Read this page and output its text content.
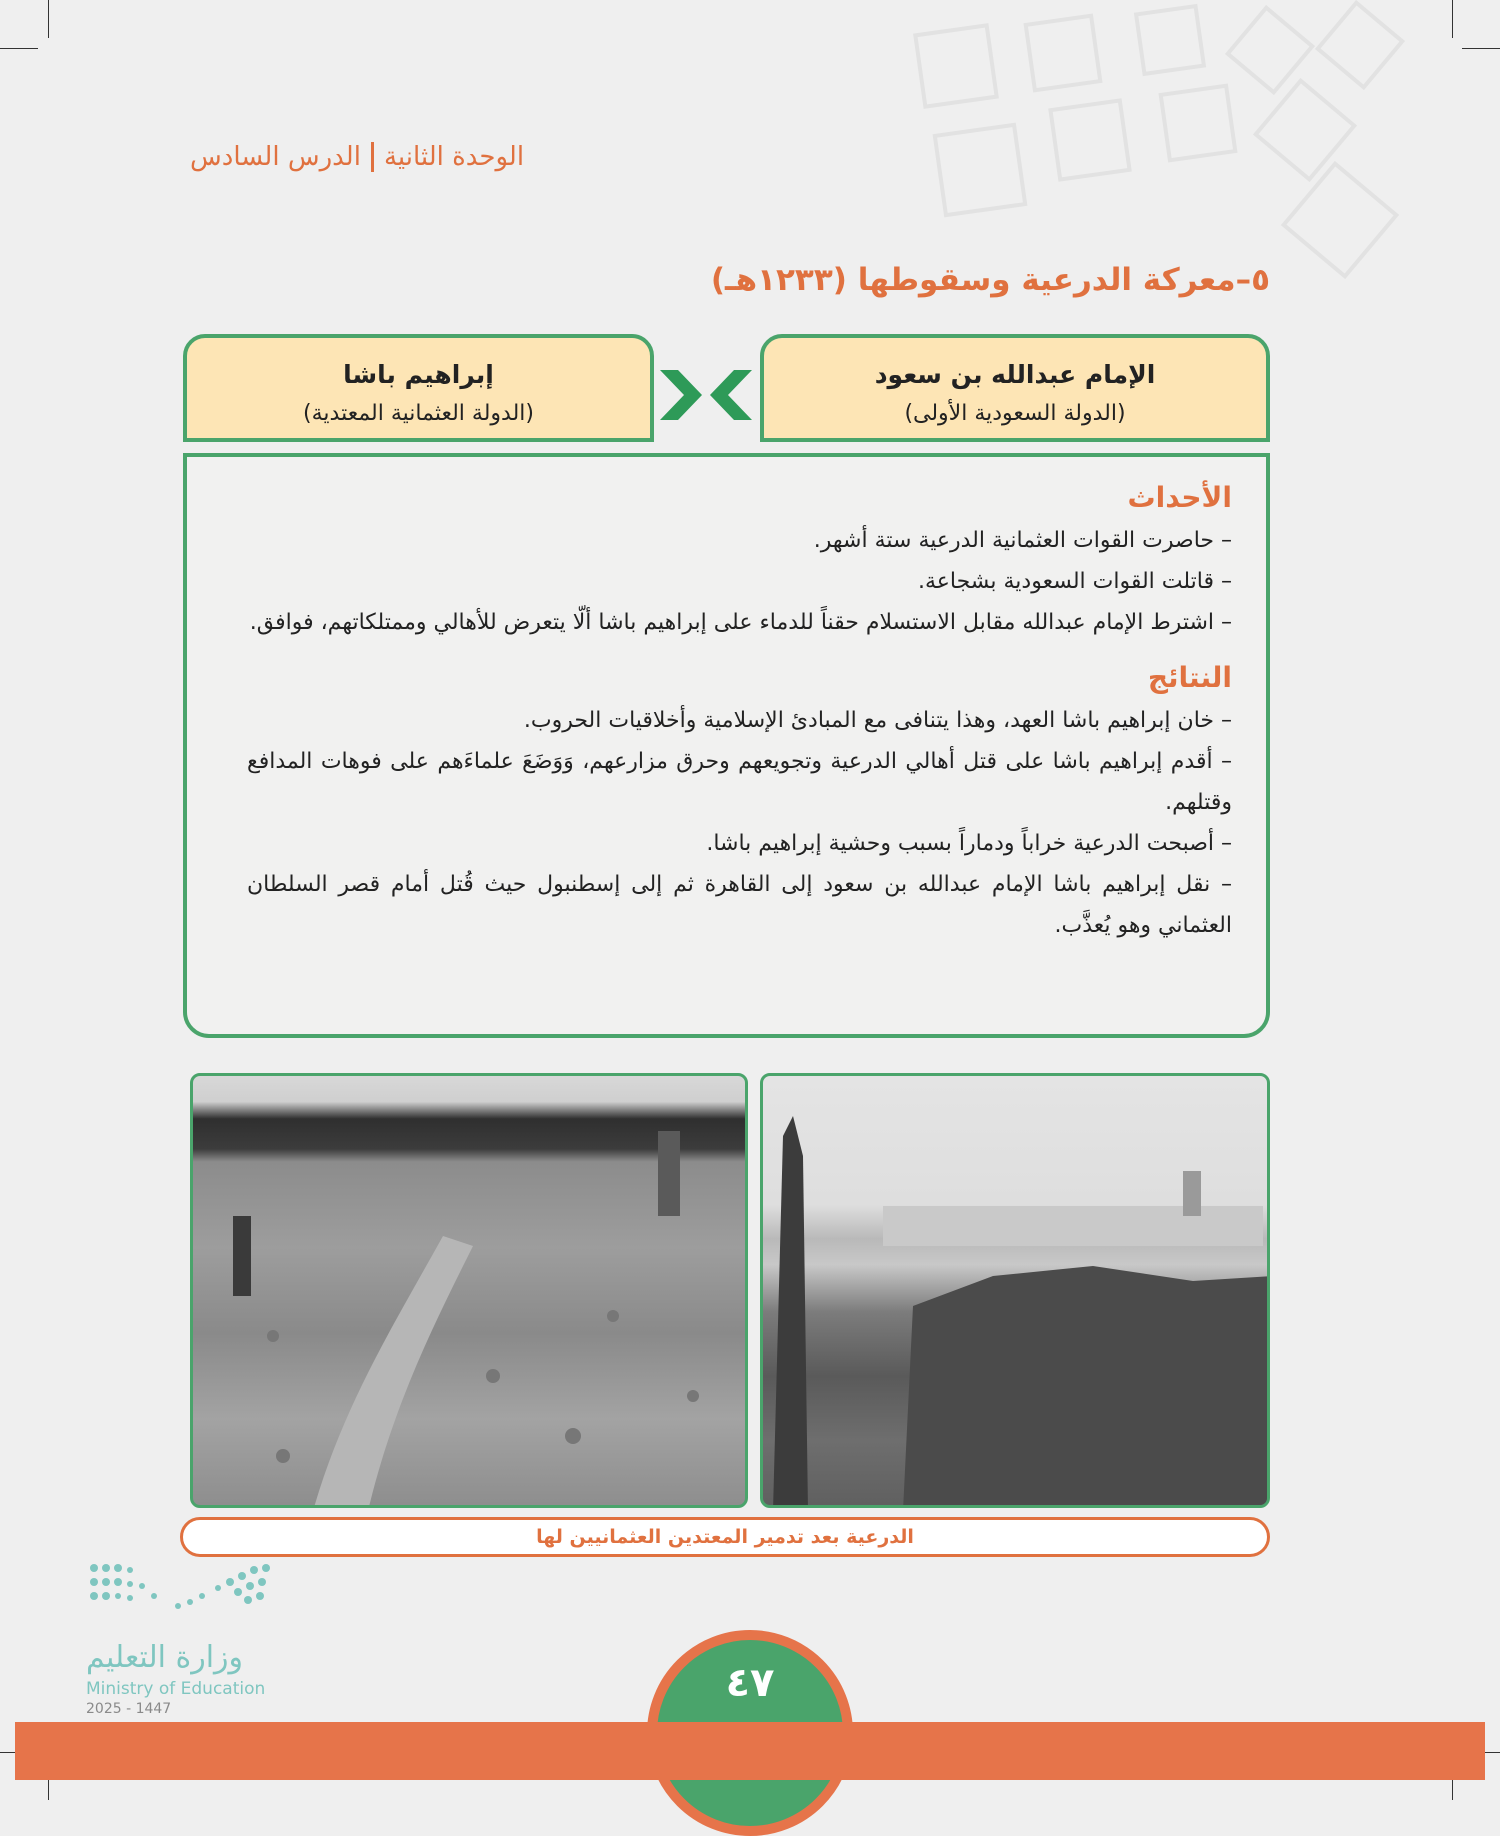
الوحدة الثانية
الدرس السادس
٥–معركة الدرعية وسقوطها (١٢٣٣هـ)
الإمام عبدالله بن سعود
(الدولة السعودية الأولى)
إبراهيم باشا
(الدولة العثمانية المعتدية)
الأحداث
– حاصرت القوات العثمانية الدرعية ستة أشهر.
– قاتلت القوات السعودية بشجاعة.
– اشترط الإمام عبدالله مقابل الاستسلام حقناً للدماء على إبراهيم باشا ألّا يتعرض للأهالي وممتلكاتهم، فوافق.
النتائج
– خان إبراهيم باشا العهد، وهذا يتنافى مع المبادئ الإسلامية وأخلاقيات الحروب.
– أقدم إبراهيم باشا على قتل أهالي الدرعية وتجويعهم وحرق مزارعهم، وَوَضَعَ علماءَهم على فوهات المدافع وقتلهم.
– أصبحت الدرعية خراباً ودماراً بسبب وحشية إبراهيم باشا.
– نقل إبراهيم باشا الإمام عبدالله بن سعود إلى القاهرة ثم إلى إسطنبول حيث قُتل أمام قصر السلطان العثماني وهو يُعذَّب.
الدرعية بعد تدمير المعتدين العثمانيين لها
وزارة التعليم
Ministry of Education
2025 - 1447
٤٧
